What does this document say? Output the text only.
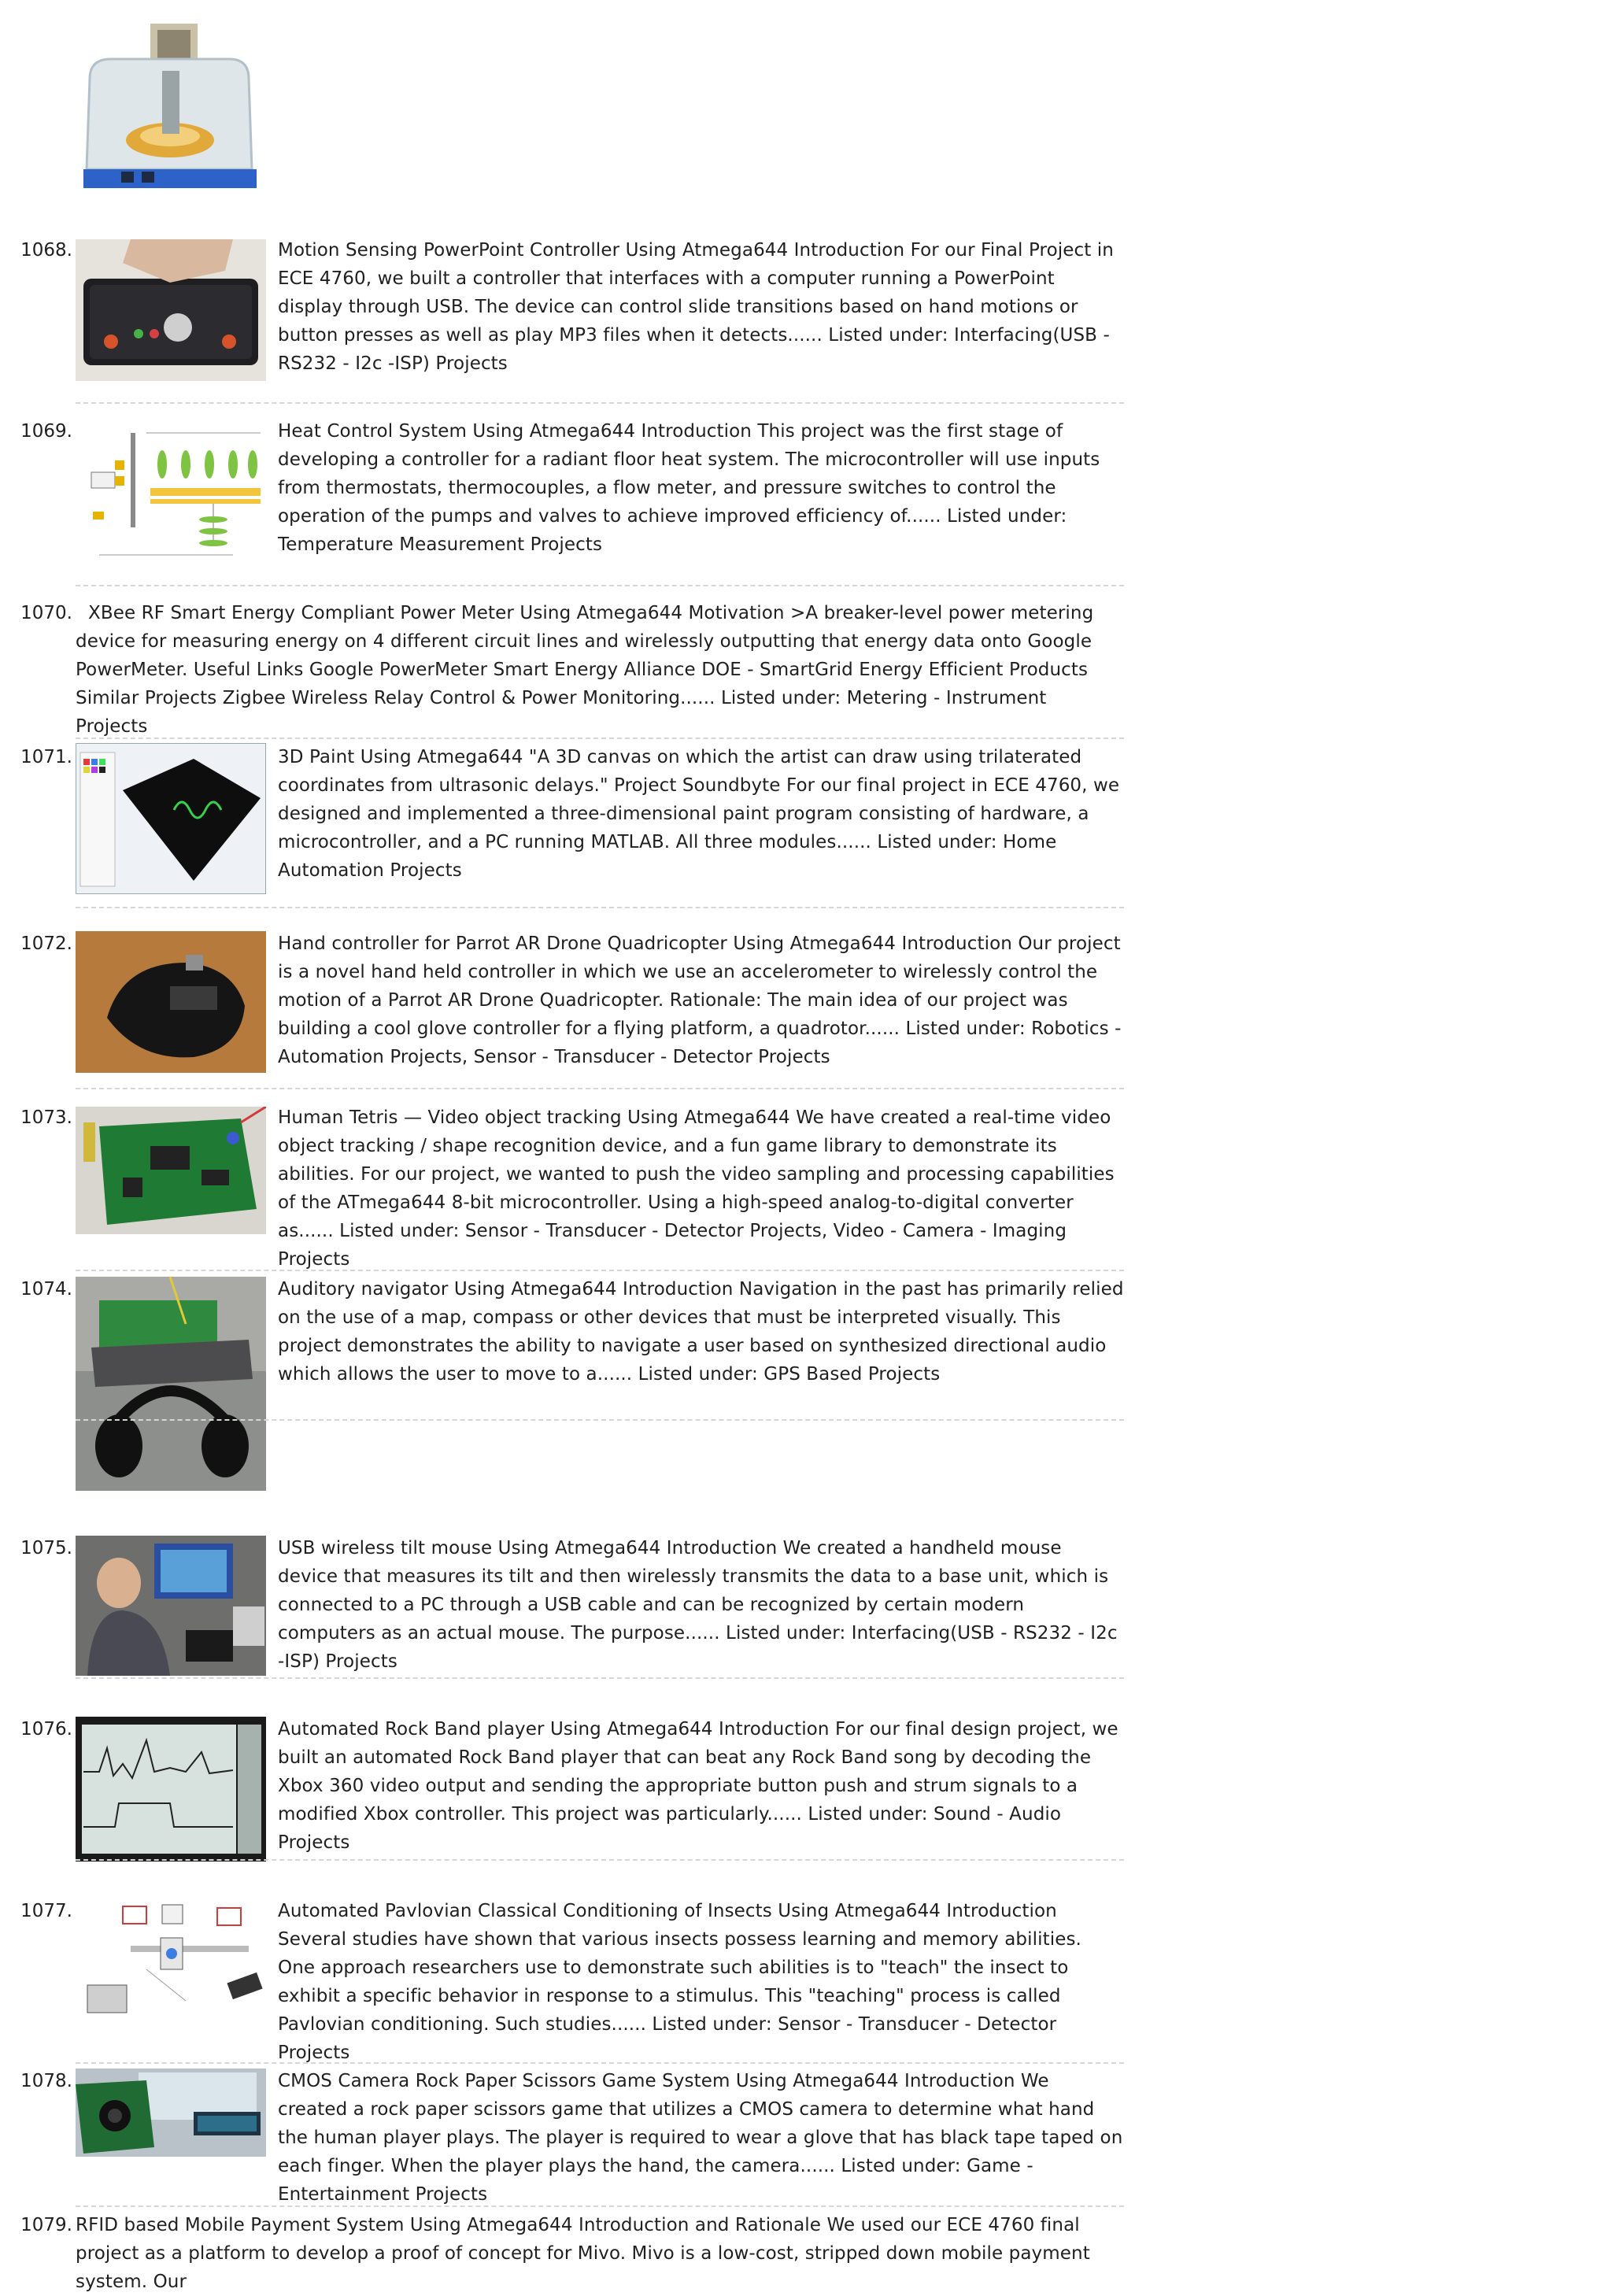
1068.	Motion Sensing PowerPoint Controller Using Atmega644 Introduction For our Final Project in ECE 4760, we built a controller that interfaces with a computer running a PowerPoint display through USB. The device can control slide transitions based on hand motions or button presses as well as play MP3 files when it detects...... Listed under: Interfacing(USB - RS232 - I2c -ISP) Projects
1069.	Heat Control System Using Atmega644 Introduction This project was the first stage of developing a controller for a radiant floor heat system. The microcontroller will use inputs from thermostats, thermocouples, a flow meter, and pressure switches to control the operation of the pumps and valves to achieve improved efficiency of...... Listed under: Temperature Measurement Projects
1070. XBee RF Smart Energy Compliant Power Meter Using Atmega644 Motivation >A breaker-level power metering device for measuring energy on 4 different circuit lines and wirelessly outputting that energy data onto Google PowerMeter. Useful Links Google PowerMeter Smart Energy Alliance DOE - SmartGrid Energy Efficient Products Similar Projects Zigbee Wireless Relay Control & Power Monitoring...... Listed under: Metering - Instrument Projects
1071.	3D Paint Using Atmega644 "A 3D canvas on which the artist can draw using trilaterated coordinates from ultrasonic delays." Project Soundbyte For our final project in ECE 4760, we designed and implemented a three-dimensional paint program consisting of hardware, a microcontroller, and a PC running MATLAB. All three modules...... Listed under: Home Automation Projects
1072.	Hand controller for Parrot AR Drone Quadricopter Using Atmega644 Introduction Our project is a novel hand held controller in which we use an accelerometer to wirelessly control the motion of a Parrot AR Drone Quadricopter. Rationale: The main idea of our project was building a cool glove controller for a flying platform, a quadrotor...... Listed under: Robotics - Automation Projects, Sensor - Transducer - Detector Projects
1073.	Human Tetris — Video object tracking Using Atmega644 We have created a real-time video object tracking / shape recognition device, and a fun game library to demonstrate its abilities. For our project, we wanted to push the video sampling and processing capabilities of the ATmega644 8-bit microcontroller. Using a high-speed analog-to-digital converter as...... Listed under: Sensor - Transducer - Detector Projects, Video - Camera - Imaging Projects
1074.	Auditory navigator Using Atmega644 Introduction Navigation in the past has primarily relied on the use of a map, compass or other devices that must be interpreted visually. This project demonstrates the ability to navigate a user based on synthesized directional audio which allows the user to move to a...... Listed under: GPS Based Projects
1075.	USB wireless tilt mouse Using Atmega644 Introduction We created a handheld mouse device that measures its tilt and then wirelessly transmits the data to a base unit, which is connected to a PC through a USB cable and can be recognized by certain modern computers as an actual mouse. The purpose...... Listed under: Interfacing(USB - RS232 - I2c -ISP) Projects
1076.	Automated Rock Band player Using Atmega644 Introduction For our final design project, we built an automated Rock Band player that can beat any Rock Band song by decoding the Xbox 360 video output and sending the appropriate button push and strum signals to a modified Xbox controller. This project was particularly...... Listed under: Sound - Audio Projects
1077.	Automated Pavlovian Classical Conditioning of Insects Using Atmega644 Introduction Several studies have shown that various insects possess learning and memory abilities. One approach researchers use to demonstrate such abilities is to "teach" the insect to exhibit a specific behavior in response to a stimulus. This "teaching" process is called Pavlovian conditioning. Such studies...... Listed under: Sensor - Transducer - Detector Projects
1078.	CMOS Camera Rock Paper Scissors Game System Using Atmega644 Introduction We created a rock paper scissors game that utilizes a CMOS camera to determine what hand the human player plays. The player is required to wear a glove that has black tape taped on each finger. When the player plays the hand, the camera...... Listed under: Game - Entertainment Projects
1079. RFID based Mobile Payment System Using Atmega644 Introduction and Rationale We used our ECE 4760 final project as a platform to develop a proof of concept for Mivo. Mivo is a low-cost, stripped down mobile payment system. Our
